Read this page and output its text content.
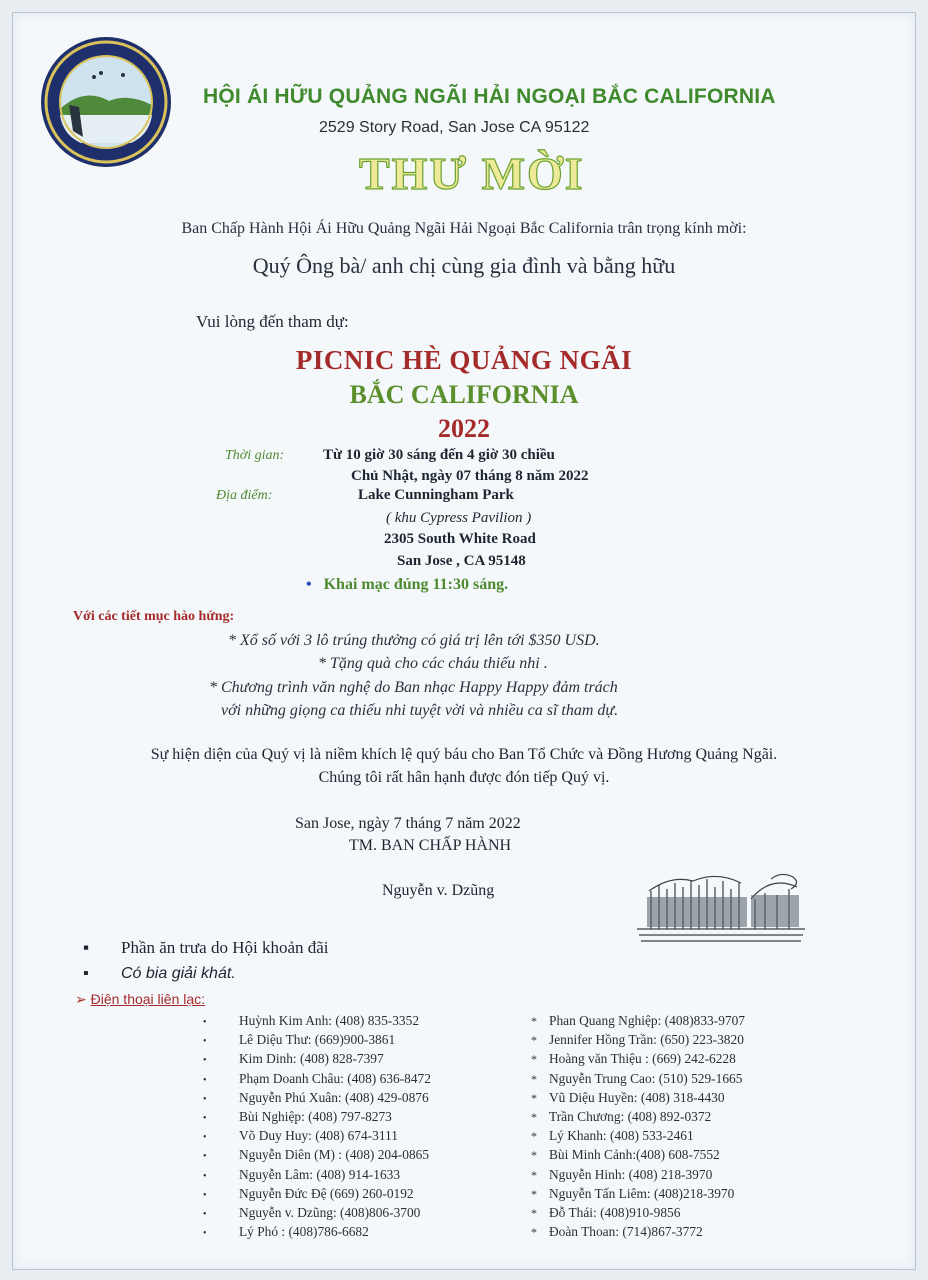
HỘI ÁI HỮU QUẢNG NGÃI HẢI NGOẠI BẮC CALIFORNIA
2529 Story Road, San Jose CA 95122
THƯ MỜI
Ban Chấp Hành Hội Ái Hữu Quảng Ngãi Hải Ngoại Bắc California trân trọng kính mời:
Quý Ông bà/ anh chị cùng gia đình và bằng hữu
Vui lòng đến tham dự:
PICNIC HÈ QUẢNG NGÃI
BẮC CALIFORNIA
2022
Thời gian:	Từ 10 giờ 30 sáng đến 4 giờ 30 chiều
Chủ Nhật, ngày 07 tháng 8 năm 2022
Địa điểm:	Lake Cunningham Park
( khu Cypress Pavilion )
2305 South White Road
San Jose , CA 95148
• Khai mạc đúng 11:30 sáng.
Với các tiết mục hào hứng:
* Xổ số với 3 lô trúng thưởng có giá trị lên tới $350 USD.
* Tặng quà cho các cháu thiếu nhi .
* Chương trình văn nghệ do Ban nhạc Happy Happy đảm trách
với những giọng ca thiếu nhi tuyệt vời và nhiều ca sĩ tham dự.
Sự hiện diện của Quý vị là niềm khích lệ quý báu cho Ban Tổ Chức và Đồng Hương Quảng Ngãi.
Chúng tôi rất hân hạnh được đón tiếp Quý vị.
San Jose, ngày 7 tháng 7 năm 2022
TM. BAN CHẤP HÀNH
Nguyễn v. Dzũng
▪ Phần ăn trưa do Hội khoản đãi
▪ Có bia giải khát.
➢ Điện thoại liên lạc:
• Huỳnh Kim Anh: (408) 835-3352
• Lê Diệu Thư: (669)900-3861
• Kim Dinh: (408) 828-7397
• Phạm Doanh Châu: (408) 636-8472
• Nguyễn Phú Xuân: (408) 429-0876
• Bùi Nghiệp: (408) 797-8273
• Võ Duy Huy: (408) 674-3111
• Nguyễn Diên (M) : (408) 204-0865
• Nguyễn Lâm: (408) 914-1633
• Nguyễn Đức Đệ (669) 260-0192
• Nguyễn v. Dzũng: (408)806-3700
• Lý Phó : (408)786-6682
* Phan Quang Nghiệp: (408)833-9707
* Jennifer Hồng Trần: (650) 223-3820
* Hoàng văn Thiệu : (669) 242-6228
* Nguyễn Trung Cao: (510) 529-1665
* Vũ Diệu Huyền: (408) 318-4430
* Trần Chương: (408) 892-0372
* Lý Khanh: (408) 533-2461
* Bùi Minh Cảnh:(408) 608-7552
* Nguyễn Hinh: (408) 218-3970
* Nguyễn Tấn Liêm: (408)218-3970
* Đỗ Thái: (408)910-9856
* Đoàn Thoan: (714)867-3772
